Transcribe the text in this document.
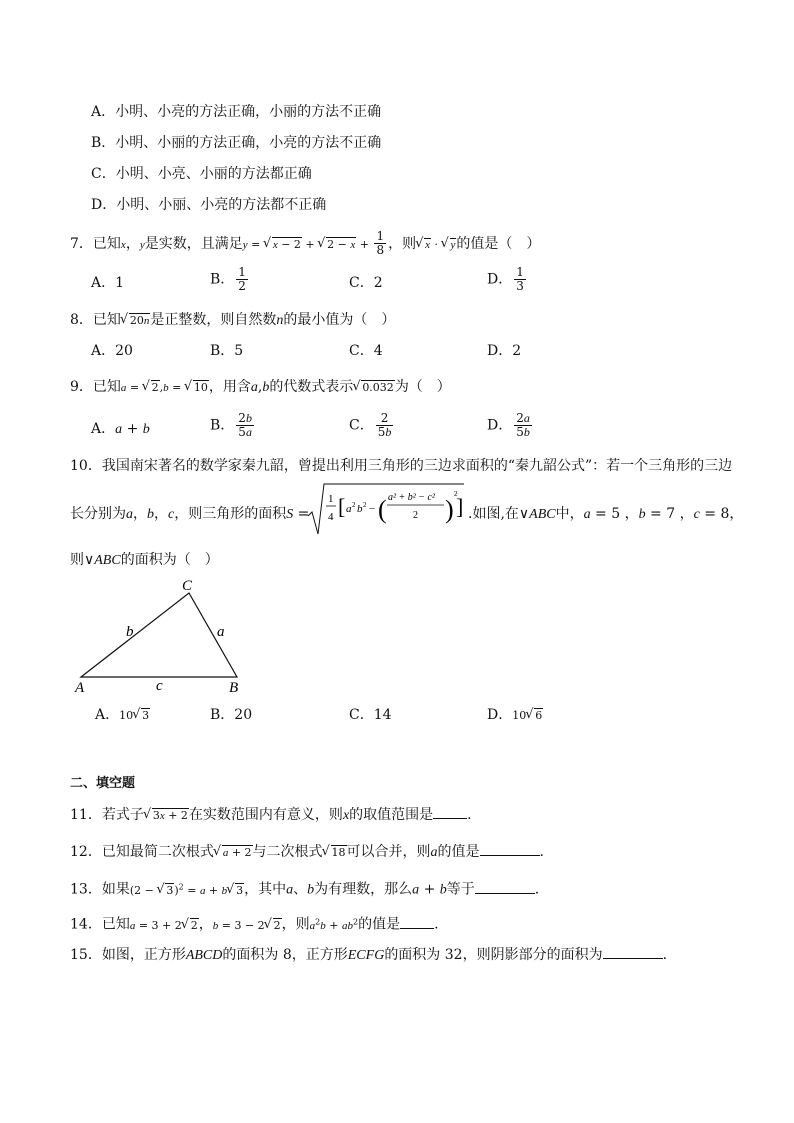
A．小明、小亮的方法正确，小丽的方法不正确
B．小明、小丽的方法正确，小亮的方法不正确
C．小明、小亮、小丽的方法都正确
D．小明、小丽、小亮的方法都不正确
7．已知x，y是实数，且满足y = √ x − 2 + √ $2 - x + \frac{1}{8}$ ，则 √ x · √ y的值是（　）
A．1	B． $\frac{1}{2}$	C．2	D． $\frac{1}{3}$
8．已知 √ 20n是正整数，则自然数n的最小值为（　）
A．20	B．5	C．4	D．2
9．已知a = √ 2,b = √ 10，用含a,b的代数式表示 √ 0.032为（　）
A．a + b	B． $\frac{2b}{5a}$	C． $\frac{2}{5b}$	D． $\frac{2a}{5b}$
10．我国南宋著名的数学家秦九韶，曾提出利用三角形的三边求面积的“秦九韶公式”：若一个三角形的三边
长分别为a，b，c，则三角形的面积S =
1
4 [ a 2 b 2 − ( a² + b² − c²
2 )
2
] .如图,在∨ABC中，a = 5 ，b = 7 ，c = 8，
则∨ABC的面积为（　）
C
A	B
b	a
c
A．10 √ 3	B．20	C．14	D．10 √ 6
二、填空题
11．若式子 √ 3x + 2在实数范围内有意义，则x的取值范围是 .
12．已知最简二次根式 √ a + 2与二次根式 √ 18可以合并，则a的值是	.
13．如果(2 − √ 3)$^2$ = a + b √ 3，其中a、b为有理数，那么a + b等于	.
14．已知a = 3 + 2 √ 2，b = 3 − 2 √ 2，则$a^2b + ab^2$的值是 .
15．如图，正方形ABCD的面积为 8，正方形ECFG的面积为 32，则阴影部分的面积为	.
